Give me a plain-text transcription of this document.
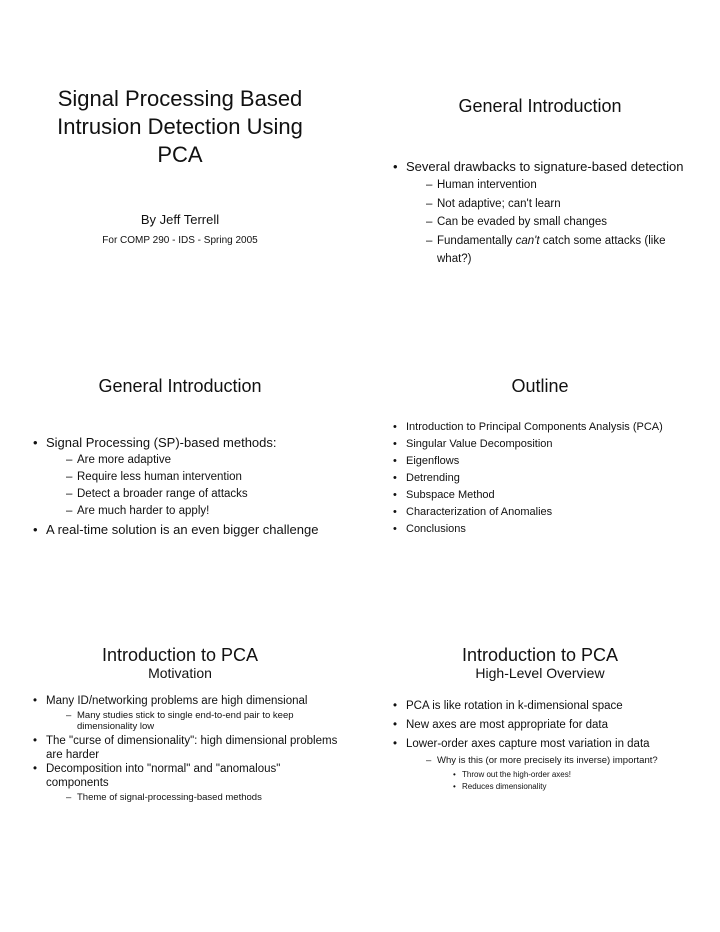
Signal Processing Based Intrusion Detection Using PCA
By Jeff Terrell
For COMP 290 - IDS - Spring 2005
General Introduction
• Several drawbacks to signature-based detection
– Human intervention
– Not adaptive; can't learn
– Can be evaded by small changes
– Fundamentally can't catch some attacks (like what?)
General Introduction
• Signal Processing (SP)-based methods:
– Are more adaptive
– Require less human intervention
– Detect a broader range of attacks
– Are much harder to apply!
• A real-time solution is an even bigger challenge
Outline
• Introduction to Principal Components Analysis (PCA)
• Singular Value Decomposition
• Eigenflows
• Detrending
• Subspace Method
• Characterization of Anomalies
• Conclusions
Introduction to PCA
Motivation
• Many ID/networking problems are high dimensional
– Many studies stick to single end-to-end pair to keep dimensionality low
• The "curse of dimensionality": high dimensional problems are harder
• Decomposition into "normal" and "anomalous" components
– Theme of signal-processing-based methods
Introduction to PCA
High-Level Overview
• PCA is like rotation in k-dimensional space
• New axes are most appropriate for data
• Lower-order axes capture most variation in data
– Why is this (or more precisely its inverse) important?
• Throw out the high-order axes!
• Reduces dimensionality
